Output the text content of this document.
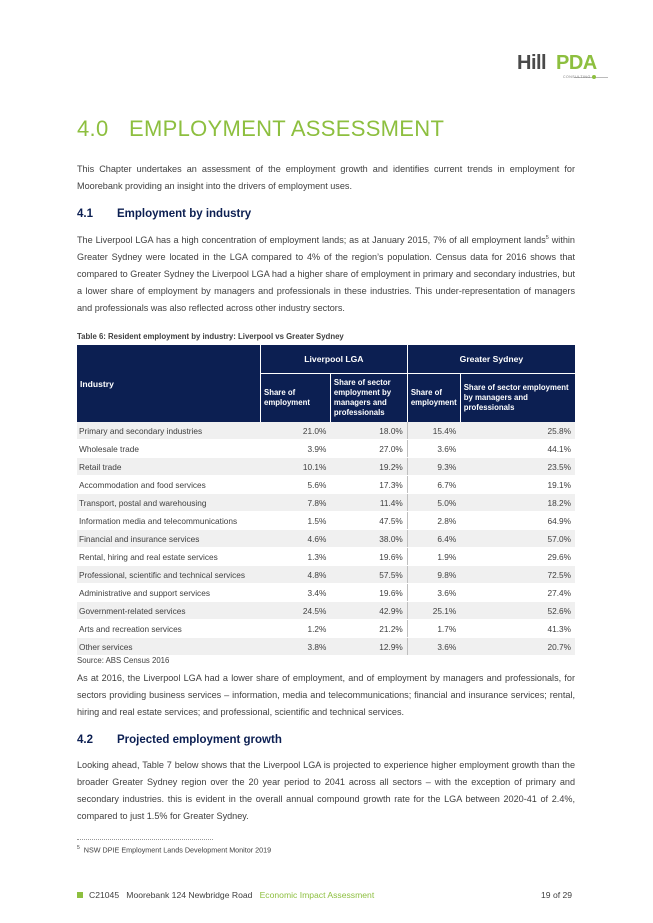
Hill PDA
CONSULTING
4.0 EMPLOYMENT ASSESSMENT
This Chapter undertakes an assessment of the employment growth and identifies current trends in employment for Moorebank providing an insight into the drivers of employment uses.
4.1 Employment by industry
The Liverpool LGA has a high concentration of employment lands; as at January 2015, 7% of all employment lands$^5$ within Greater Sydney were located in the LGA compared to 4% of the region’s population. Census data for 2016 shows that compared to Greater Sydney the Liverpool LGA had a higher share of employment in primary and secondary industries, but a lower share of employment by managers and professionals in these industries. This under-representation of managers and professionals was also reflected across other industry sectors.
Table 6: Resident employment by industry: Liverpool vs Greater Sydney
Industry	Liverpool LGA		Greater Sydney	
	Share of employment	Share of sector employment by managers and professionals	Share of employment	Share of sector employment by managers and professionals
Primary and secondary industries	21.0%	18.0%	15.4%	25.8%
Wholesale trade	3.9%	27.0%	3.6%	44.1%
Retail trade	10.1%	19.2%	9.3%	23.5%
Accommodation and food services	5.6%	17.3%	6.7%	19.1%
Transport, postal and warehousing	7.8%	11.4%	5.0%	18.2%
Information media and telecommunications	1.5%	47.5%	2.8%	64.9%
Financial and insurance services	4.6%	38.0%	6.4%	57.0%
Rental, hiring and real estate services	1.3%	19.6%	1.9%	29.6%
Professional, scientific and technical services	4.8%	57.5%	9.8%	72.5%
Administrative and support services	3.4%	19.6%	3.6%	27.4%
Government-related services	24.5%	42.9%	25.1%	52.6%
Arts and recreation services	1.2%	21.2%	1.7%	41.3%
Other services	3.8%	12.9%	3.6%	20.7%
Source: ABS Census 2016
As at 2016, the Liverpool LGA had a lower share of employment, and of employment by managers and professionals, for sectors providing business services – information, media and telecommunications; financial and insurance services; rental, hiring and real estate services; and professional, scientific and technical services.
4.2 Projected employment growth
Looking ahead, Table 7 below shows that the Liverpool LGA is projected to experience higher employment growth than the broader Greater Sydney region over the 20 year period to 2041 across all sectors – with the exception of primary and secondary industries. this is evident in the overall annual compound growth rate for the LGA between 2020-41 of 2.4%, compared to just 1.5% for Greater Sydney.
$^5$ NSW DPIE Employment Lands Development Monitor 2019
C21045 Moorebank 124 Newbridge Road Economic Impact Assessment	19 of 29
